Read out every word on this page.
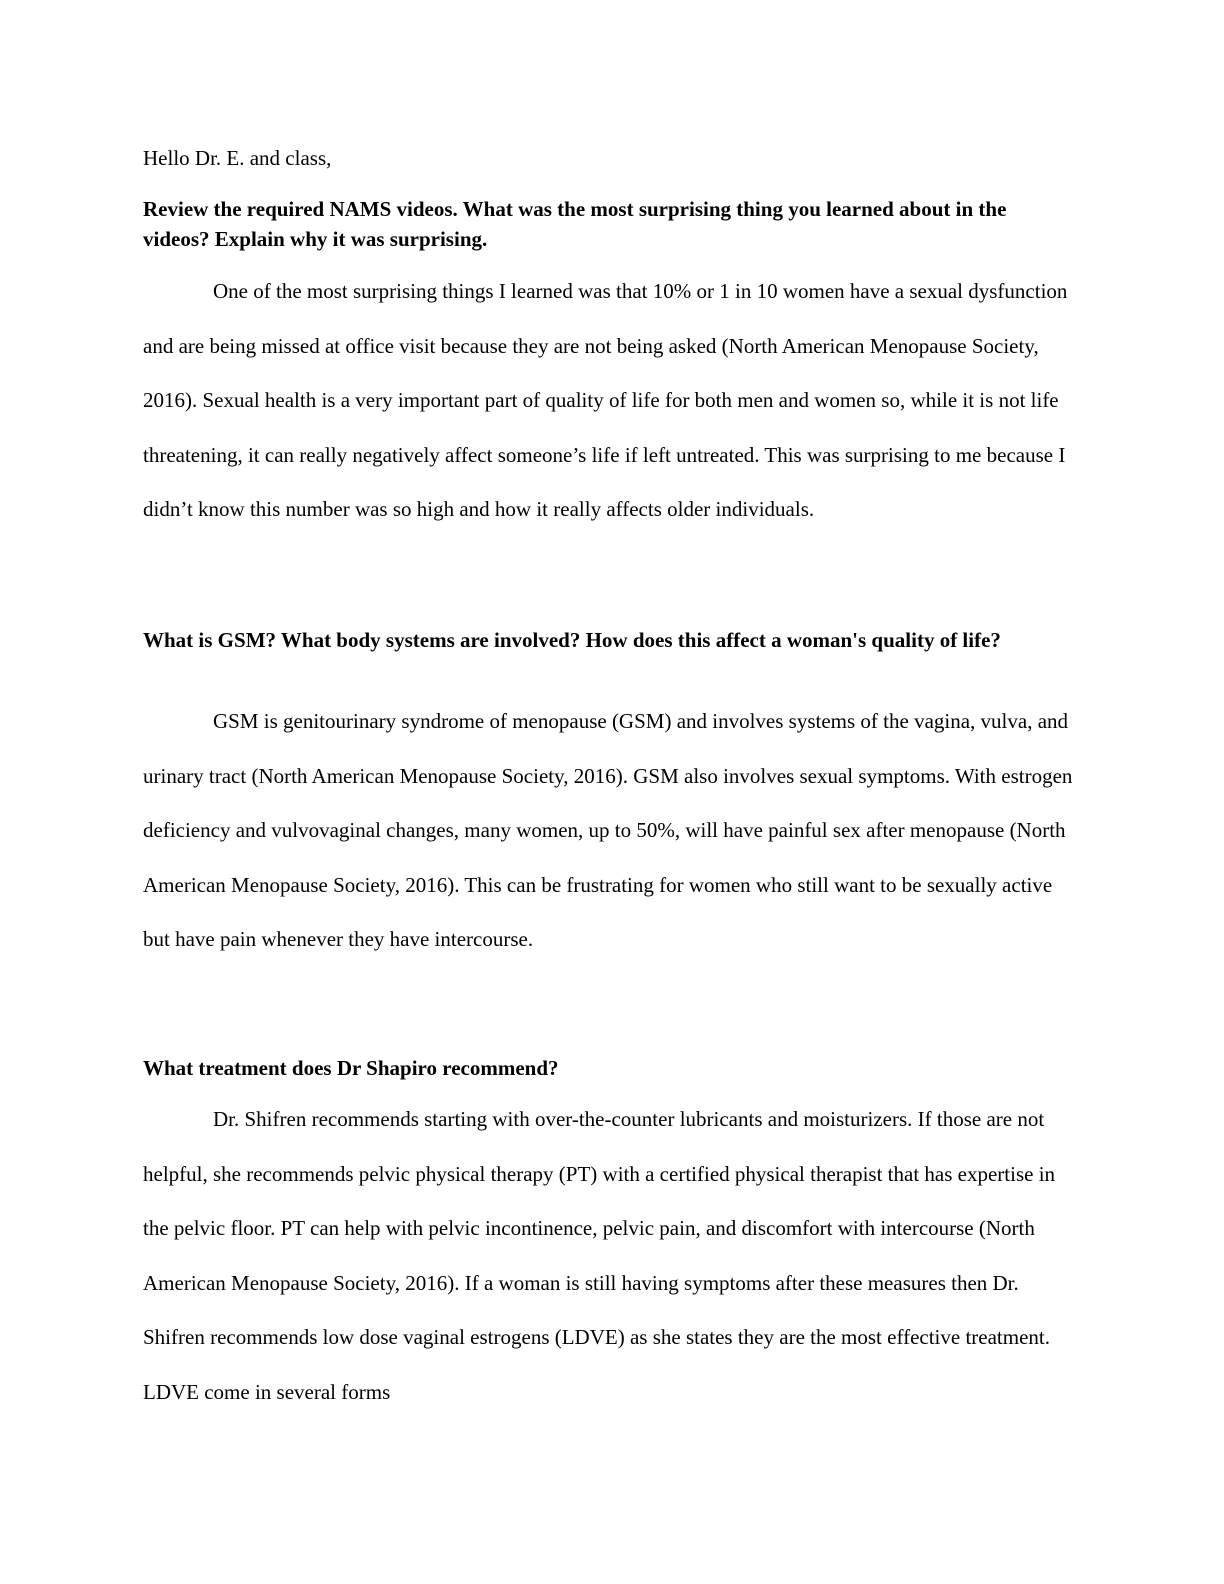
Hello Dr. E. and class,

Review the required NAMS videos. What was the most surprising thing you learned about in the videos? Explain why it was surprising.

One of the most surprising things I learned was that 10% or 1 in 10 women have a sexual dysfunction and are being missed at office visit because they are not being asked (North American Menopause Society, 2016). Sexual health is a very important part of quality of life for both men and women so, while it is not life threatening, it can really negatively affect someone’s life if left untreated. This was surprising to me because I didn’t know this number was so high and how it really affects older individuals.

What is GSM? What body systems are involved? How does this affect a woman's quality of life?

GSM is genitourinary syndrome of menopause (GSM) and involves systems of the vagina, vulva, and urinary tract (North American Menopause Society, 2016). GSM also involves sexual symptoms. With estrogen deficiency and vulvovaginal changes, many women, up to 50%, will have painful sex after menopause (North American Menopause Society, 2016). This can be frustrating for women who still want to be sexually active but have pain whenever they have intercourse.

What treatment does Dr Shapiro recommend?

Dr. Shifren recommends starting with over-the-counter lubricants and moisturizers. If those are not helpful, she recommends pelvic physical therapy (PT) with a certified physical therapist that has expertise in the pelvic floor. PT can help with pelvic incontinence, pelvic pain, and discomfort with intercourse (North American Menopause Society, 2016). If a woman is still having symptoms after these measures then Dr. Shifren recommends low dose vaginal estrogens (LDVE) as she states they are the most effective treatment. LDVE come in several forms
